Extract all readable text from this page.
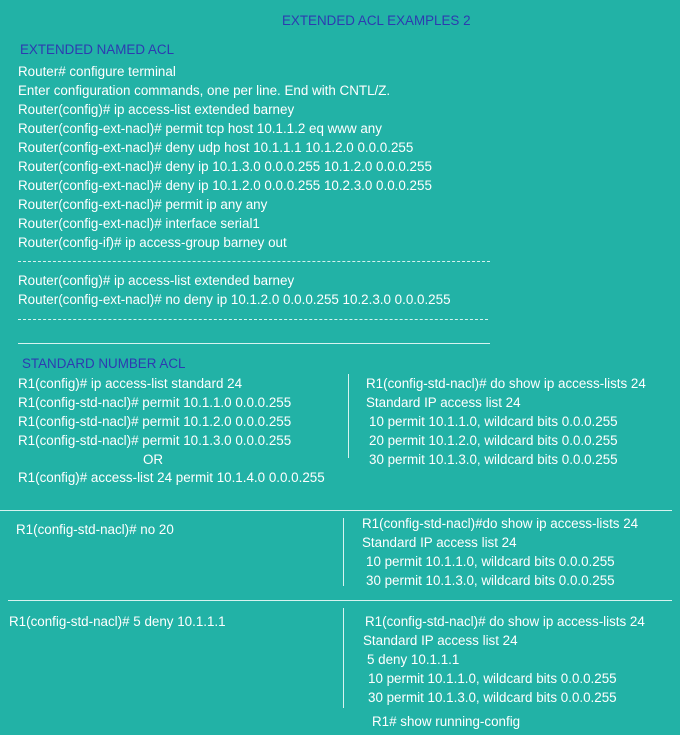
EXTENDED ACL EXAMPLES 2
EXTENDED NAMED ACL
Router# configure terminal
Enter configuration commands, one per line. End with CNTL/Z.
Router(config)# ip access-list extended barney
Router(config-ext-nacl)# permit tcp host 10.1.1.2 eq www any
Router(config-ext-nacl)# deny udp host 10.1.1.1 10.1.2.0 0.0.0.255
Router(config-ext-nacl)# deny ip 10.1.3.0 0.0.0.255 10.1.2.0 0.0.0.255
Router(config-ext-nacl)# deny ip 10.1.2.0 0.0.0.255 10.2.3.0 0.0.0.255
Router(config-ext-nacl)# permit ip any any
Router(config-ext-nacl)# interface serial1
Router(config-if)# ip access-group barney out
Router(config)# ip access-list extended barney
Router(config-ext-nacl)# no deny ip 10.1.2.0 0.0.0.255 10.2.3.0 0.0.0.255
STANDARD NUMBER ACL
R1(config)# ip access-list standard 24
R1(config-std-nacl)# permit 10.1.1.0 0.0.0.255
R1(config-std-nacl)# permit 10.1.2.0 0.0.0.255
R1(config-std-nacl)# permit 10.1.3.0 0.0.0.255
OR
R1(config)# access-list 24 permit 10.1.4.0 0.0.0.255
R1(config-std-nacl)# do show ip access-lists 24
Standard IP access list 24
10 permit 10.1.1.0, wildcard bits 0.0.0.255
20 permit 10.1.2.0, wildcard bits 0.0.0.255
30 permit 10.1.3.0, wildcard bits 0.0.0.255
R1(config-std-nacl)# no 20	R1(config-std-nacl)#do show ip access-lists 24
Standard IP access list 24
10 permit 10.1.1.0, wildcard bits 0.0.0.255
30 permit 10.1.3.0, wildcard bits 0.0.0.255
R1(config-std-nacl)# 5 deny 10.1.1.1	R1(config-std-nacl)# do show ip access-lists 24
Standard IP access list 24
5 deny 10.1.1.1
10 permit 10.1.1.0, wildcard bits 0.0.0.255
30 permit 10.1.3.0, wildcard bits 0.0.0.255
R1# show running-config
